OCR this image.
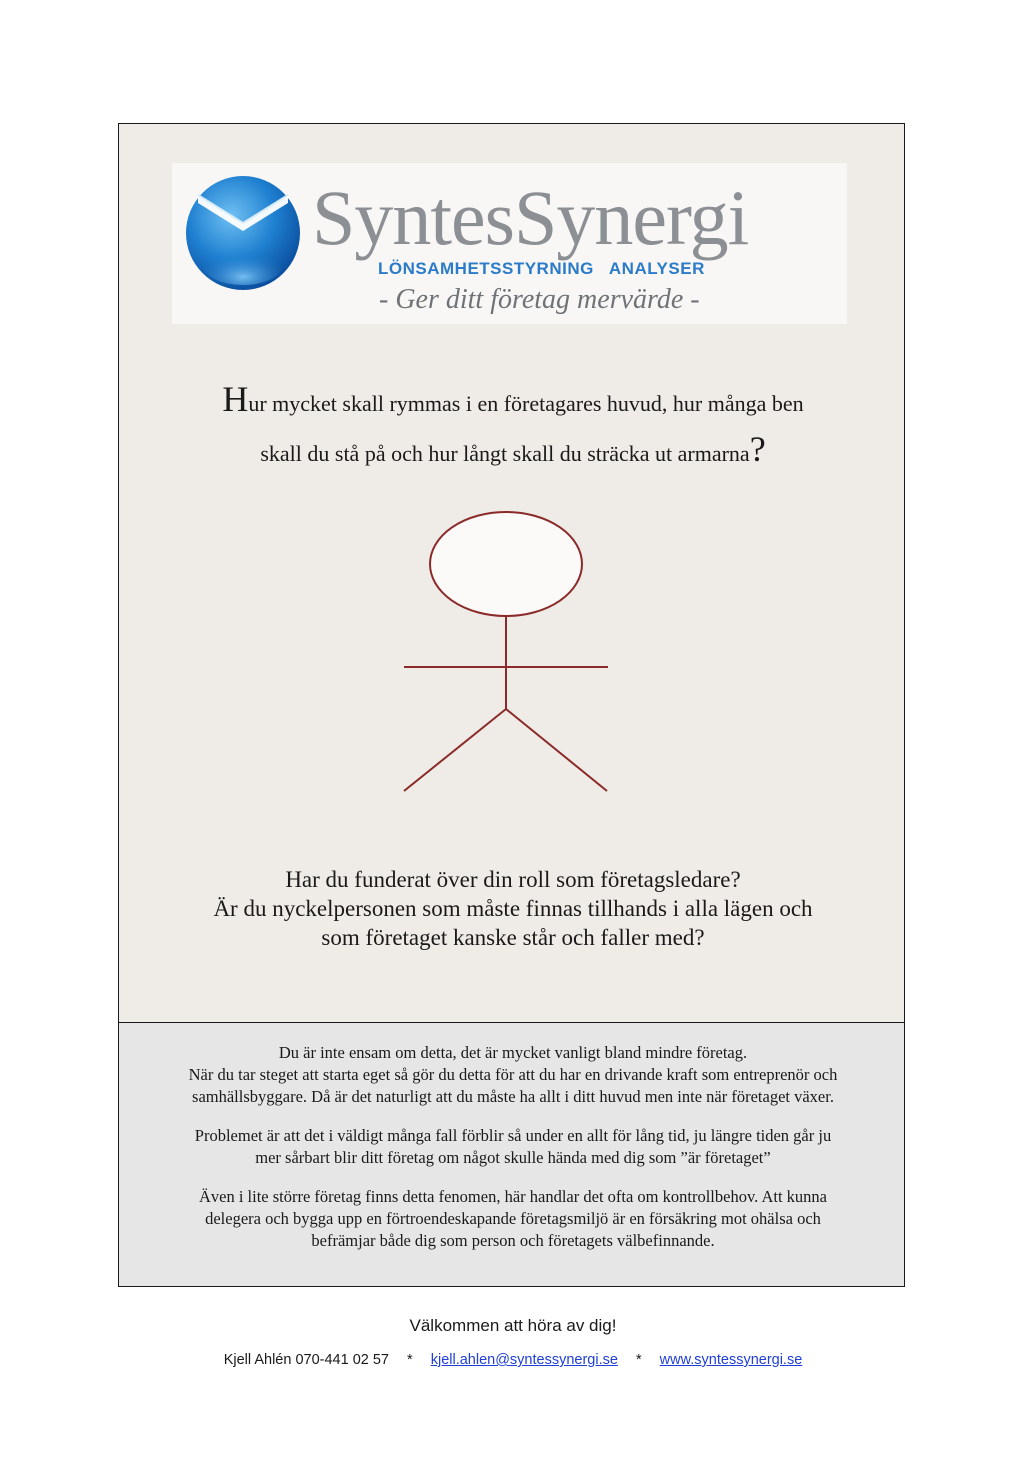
SyntesSynergi
LÖNSAMHETSSTYRNING ANALYSER
- Ger ditt företag mervärde -
Hur mycket skall rymmas i en företagares huvud, hur många ben
skall du stå på och hur långt skall du sträcka ut armarna?
Har du funderat över din roll som företagsledare?
Är du nyckelpersonen som måste finnas tillhands i alla lägen och
som företaget kanske står och faller med?
Du är inte ensam om detta, det är mycket vanligt bland mindre företag.
När du tar steget att starta eget så gör du detta för att du har en drivande kraft som entreprenör och
samhällsbyggare. Då är det naturligt att du måste ha allt i ditt huvud men inte när företaget växer.
Problemet är att det i väldigt många fall förblir så under en allt för lång tid, ju längre tiden går ju
mer sårbart blir ditt företag om något skulle hända med dig som ”är företaget”
Även i lite större företag finns detta fenomen, här handlar det ofta om kontrollbehov. Att kunna
delegera och bygga upp en förtroendeskapande företagsmiljö är en försäkring mot ohälsa och
befrämjar både dig som person och företagets välbefinnande.
Välkommen att höra av dig!
Kjell Ahlén 070-441 02 57 * kjell.ahlen@syntessynergi.se * www.syntessynergi.se
